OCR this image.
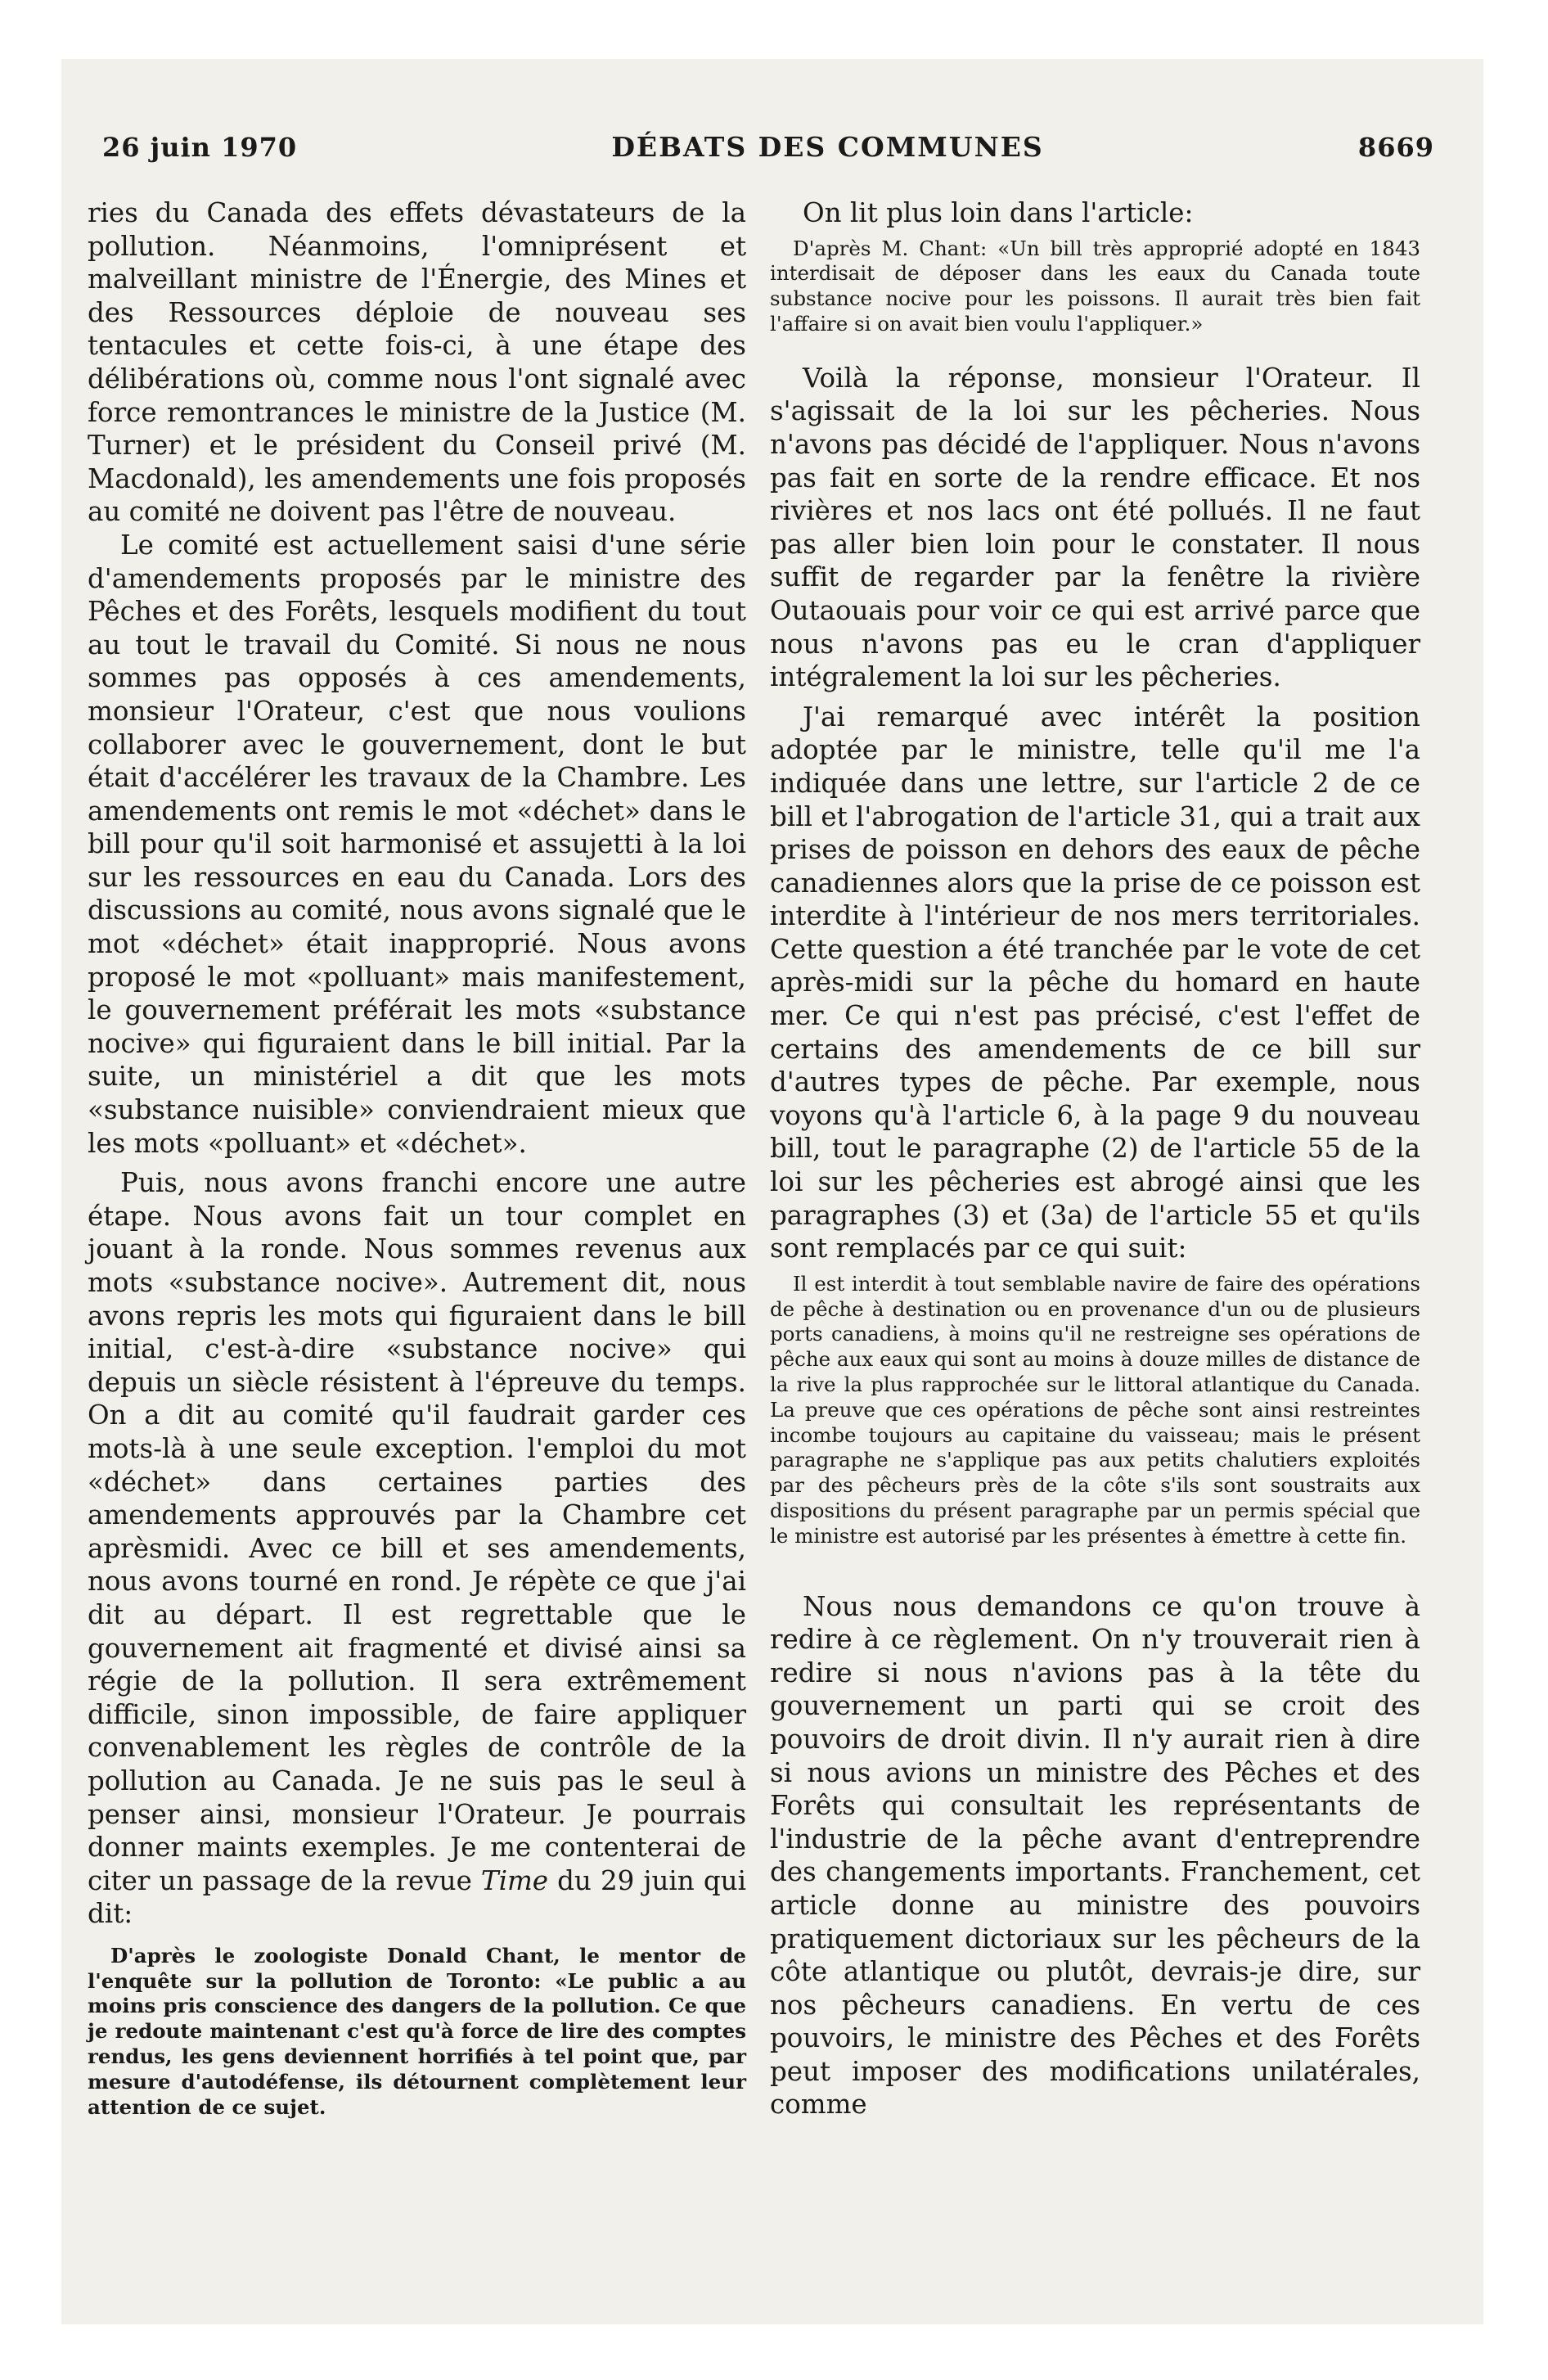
26 juin 1970	DÉBATS DES COMMUNES	8669

ries du Canada des effets dévastateurs de la pollution. Néanmoins, l'omniprésent et malveillant ministre de l'Énergie, des Mines et des Ressources déploie de nouveau ses tentacules et cette fois-ci, à une étape des délibérations où, comme nous l'ont signalé avec force remontrances le ministre de la Justice (M. Turner) et le président du Conseil privé (M. Macdonald), les amendements une fois proposés au comité ne doivent pas l'être de nouveau.

Le comité est actuellement saisi d'une série d'amendements proposés par le ministre des Pêches et des Forêts, lesquels modifient du tout au tout le travail du Comité. Si nous ne nous sommes pas opposés à ces amendements, monsieur l'Orateur, c'est que nous voulions collaborer avec le gouvernement, dont le but était d'accélérer les travaux de la Chambre. Les amendements ont remis le mot «déchet» dans le bill pour qu'il soit harmonisé et assujetti à la loi sur les ressources en eau du Canada. Lors des discussions au comité, nous avons signalé que le mot «déchet» était inapproprié. Nous avons proposé le mot «polluant» mais manifestement, le gouvernement préférait les mots «substance nocive» qui figuraient dans le bill initial. Par la suite, un ministériel a dit que les mots «substance nuisible» conviendraient mieux que les mots «polluant» et «déchet».

Puis, nous avons franchi encore une autre étape. Nous avons fait un tour complet en jouant à la ronde. Nous sommes revenus aux mots «substance nocive». Autrement dit, nous avons repris les mots qui figuraient dans le bill initial, c'est-à-dire «substance nocive» qui depuis un siècle résistent à l'épreuve du temps. On a dit au comité qu'il faudrait garder ces mots-là à une seule exception. l'emploi du mot «déchet» dans certaines parties des amendements approuvés par la Chambre cet aprèsmidi. Avec ce bill et ses amendements, nous avons tourné en rond. Je répète ce que j'ai dit au départ. Il est regrettable que le gouvernement ait fragmenté et divisé ainsi sa régie de la pollution. Il sera extrêmement difficile, sinon impossible, de faire appliquer convenablement les règles de contrôle de la pollution au Canada. Je ne suis pas le seul à penser ainsi, monsieur l'Orateur. Je pourrais donner maints exemples. Je me contenterai de citer un passage de la revue Time du 29 juin qui dit:

D'après le zoologiste Donald Chant, le mentor de l'enquête sur la pollution de Toronto: «Le public a au moins pris conscience des dangers de la pollution. Ce que je redoute maintenant c'est qu'à force de lire des comptes rendus, les gens deviennent horrifiés à tel point que, par mesure d'autodéfense, ils détournent complètement leur attention de ce sujet.

On lit plus loin dans l'article:

D'après M. Chant: «Un bill très approprié adopté en 1843 interdisait de déposer dans les eaux du Canada toute substance nocive pour les poissons. Il aurait très bien fait l'affaire si on avait bien voulu l'appliquer.»

Voilà la réponse, monsieur l'Orateur. Il s'agissait de la loi sur les pêcheries. Nous n'avons pas décidé de l'appliquer. Nous n'avons pas fait en sorte de la rendre efficace. Et nos rivières et nos lacs ont été pollués. Il ne faut pas aller bien loin pour le constater. Il nous suffit de regarder par la fenêtre la rivière Outaouais pour voir ce qui est arrivé parce que nous n'avons pas eu le cran d'appliquer intégralement la loi sur les pêcheries.

J'ai remarqué avec intérêt la position adoptée par le ministre, telle qu'il me l'a indiquée dans une lettre, sur l'article 2 de ce bill et l'abrogation de l'article 31, qui a trait aux prises de poisson en dehors des eaux de pêche canadiennes alors que la prise de ce poisson est interdite à l'intérieur de nos mers territoriales. Cette question a été tranchée par le vote de cet après-midi sur la pêche du homard en haute mer. Ce qui n'est pas précisé, c'est l'effet de certains des amendements de ce bill sur d'autres types de pêche. Par exemple, nous voyons qu'à l'article 6, à la page 9 du nouveau bill, tout le paragraphe (2) de l'article 55 de la loi sur les pêcheries est abrogé ainsi que les paragraphes (3) et (3a) de l'article 55 et qu'ils sont remplacés par ce qui suit:

Il est interdit à tout semblable navire de faire des opérations de pêche à destination ou en provenance d'un ou de plusieurs ports canadiens, à moins qu'il ne restreigne ses opérations de pêche aux eaux qui sont au moins à douze milles de distance de la rive la plus rapprochée sur le littoral atlantique du Canada. La preuve que ces opérations de pêche sont ainsi restreintes incombe toujours au capitaine du vaisseau; mais le présent paragraphe ne s'applique pas aux petits chalutiers exploités par des pêcheurs près de la côte s'ils sont soustraits aux dispositions du présent paragraphe par un permis spécial que le ministre est autorisé par les présentes à émettre à cette fin.

Nous nous demandons ce qu'on trouve à redire à ce règlement. On n'y trouverait rien à redire si nous n'avions pas à la tête du gouvernement un parti qui se croit des pouvoirs de droit divin. Il n'y aurait rien à dire si nous avions un ministre des Pêches et des Forêts qui consultait les représentants de l'industrie de la pêche avant d'entreprendre des changements importants. Franchement, cet article donne au ministre des pouvoirs pratiquement dictoriaux sur les pêcheurs de la côte atlantique ou plutôt, devrais-je dire, sur nos pêcheurs canadiens. En vertu de ces pouvoirs, le ministre des Pêches et des Forêts peut imposer des modifications unilatérales, comme
